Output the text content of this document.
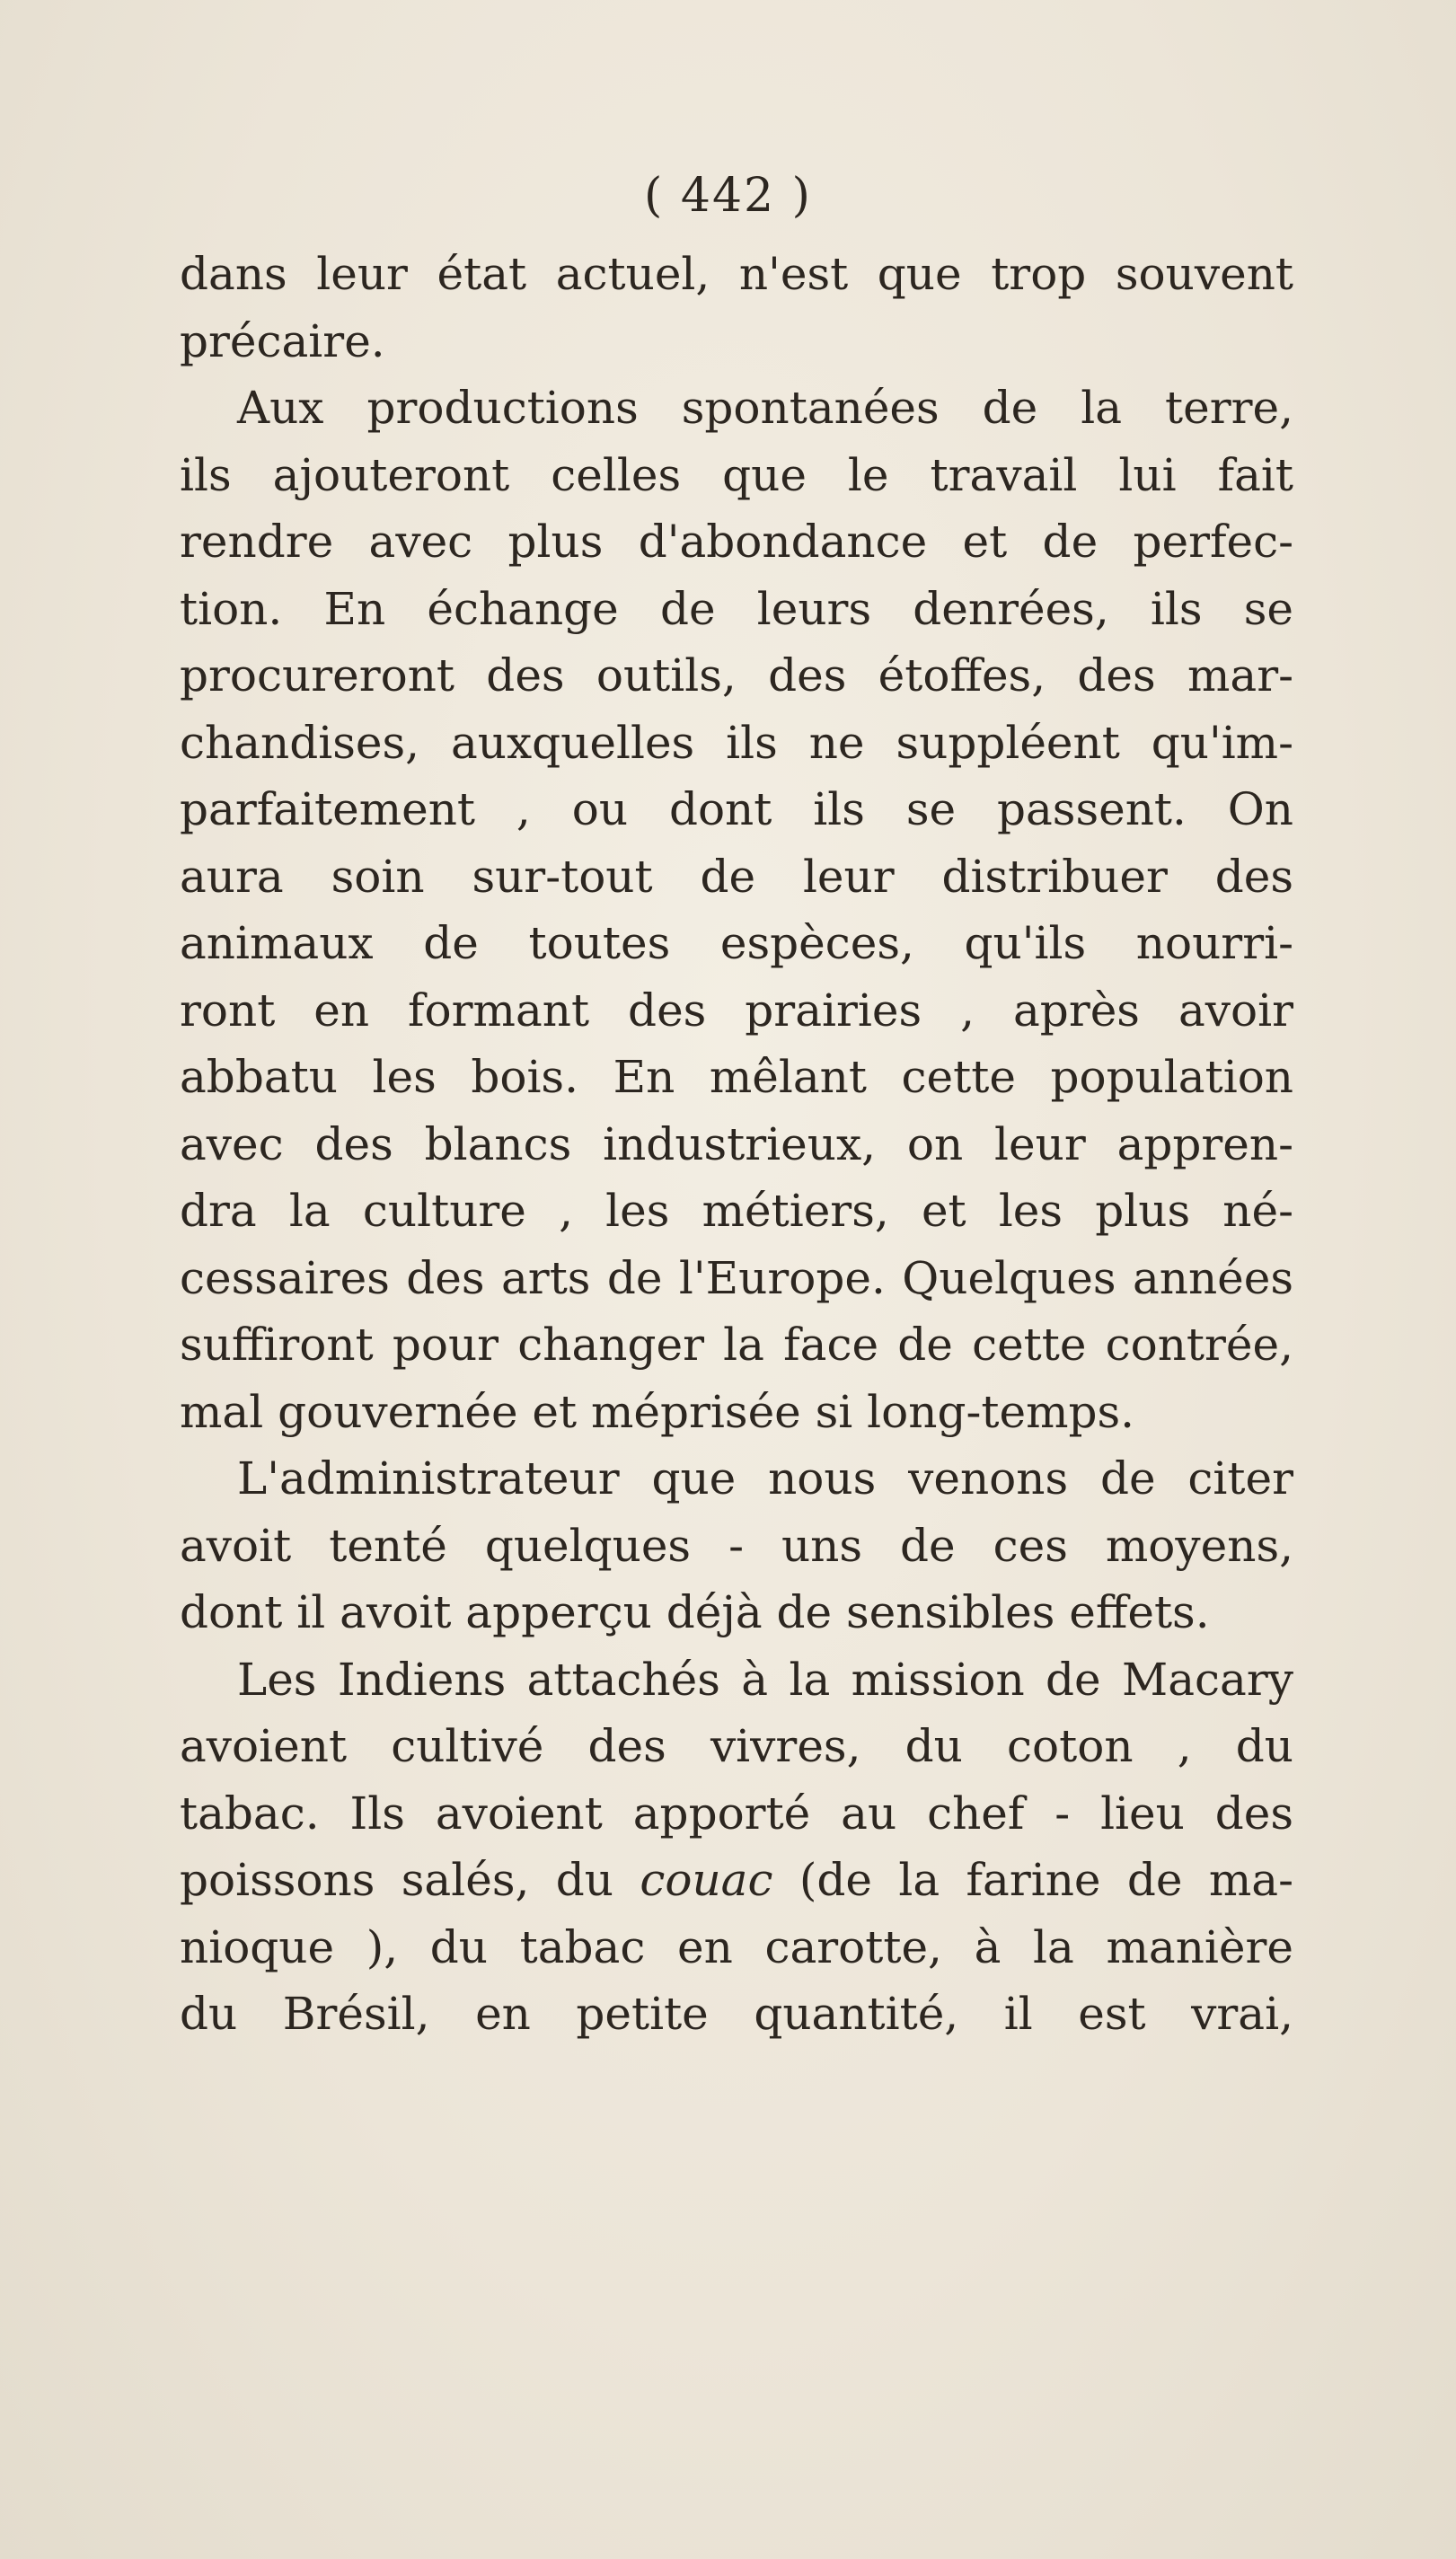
( 442 )
dans leur état actuel, n'est que trop souvent
précaire.
Aux productions spontanées de la terre,
ils ajouteront celles que le travail lui fait
rendre avec plus d'abondance et de perfec-
tion. En échange de leurs denrées, ils se
procureront des outils, des étoffes, des mar-
chandises, auxquelles ils ne suppléent qu'im-
parfaitement , ou dont ils se passent. On
aura soin sur-tout de leur distribuer des
animaux de toutes espèces, qu'ils nourri-
ront en formant des prairies , après avoir
abbatu les bois. En mêlant cette population
avec des blancs industrieux, on leur appren-
dra la culture , les métiers, et les plus né-
cessaires des arts de l'Europe. Quelques années
suffiront pour changer la face de cette contrée,
mal gouvernée et méprisée si long-temps.
L'administrateur que nous venons de citer
avoit tenté quelques - uns de ces moyens,
dont il avoit apperçu déjà de sensibles effets.
Les Indiens attachés à la mission de Macary
avoient cultivé des vivres, du coton , du
tabac. Ils avoient apporté au chef - lieu des
poissons salés, du couac (de la farine de ma-
nioque ), du tabac en carotte, à la manière
du Brésil, en petite quantité, il est vrai,
